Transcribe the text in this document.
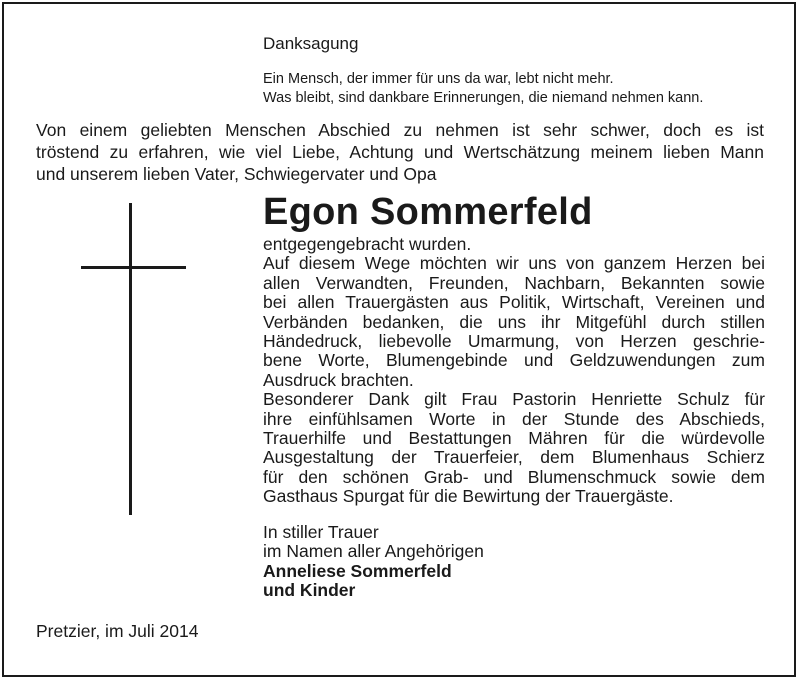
Danksagung
Ein Mensch, der immer für uns da war, lebt nicht mehr.
Was bleibt, sind dankbare Erinnerungen, die niemand nehmen kann.
Von einem geliebten Menschen Abschied zu nehmen ist sehr schwer, doch es ist
tröstend zu erfahren, wie viel Liebe, Achtung und Wertschätzung meinem lieben Mann
und unserem lieben Vater, Schwiegervater und Opa
Egon Sommerfeld
entgegengebracht wurden.
Auf diesem Wege möchten wir uns von ganzem Herzen bei
allen Verwandten, Freunden, Nachbarn, Bekannten sowie
bei allen Trauergästen aus Politik, Wirtschaft, Vereinen und
Verbänden bedanken, die uns ihr Mitgefühl durch stillen
Händedruck, liebevolle Umarmung, von Herzen geschrie-
bene Worte, Blumengebinde und Geldzuwendungen zum
Ausdruck brachten.
Besonderer Dank gilt Frau Pastorin Henriette Schulz für
ihre einfühlsamen Worte in der Stunde des Abschieds,
Trauerhilfe und Bestattungen Mähren für die würdevolle
Ausgestaltung der Trauerfeier, dem Blumenhaus Schierz
für den schönen Grab- und Blumenschmuck sowie dem
Gasthaus Spurgat für die Bewirtung der Trauergäste.
In stiller Trauer
im Namen aller Angehörigen
Anneliese Sommerfeld
und Kinder
Pretzier, im Juli 2014
